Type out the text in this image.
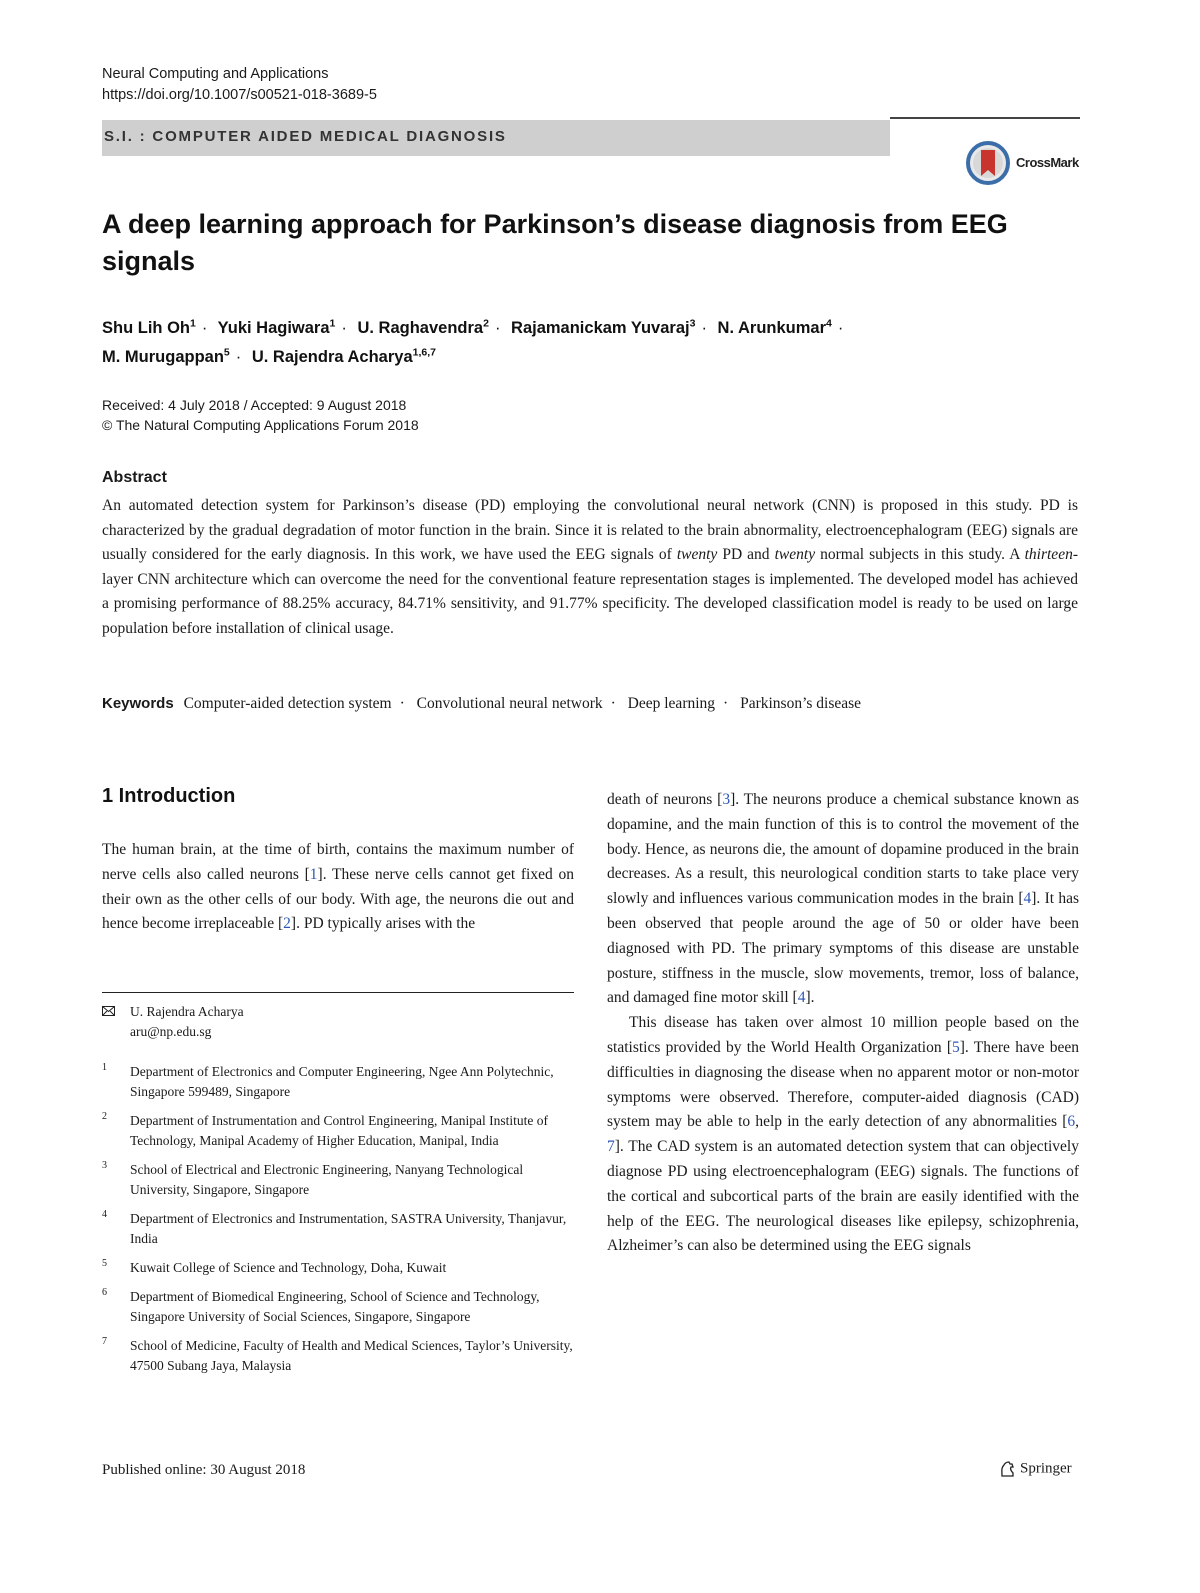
Neural Computing and Applications
https://doi.org/10.1007/s00521-018-3689-5
S.I. : COMPUTER AIDED MEDICAL DIAGNOSIS
CrossMark
A deep learning approach for Parkinson’s disease diagnosis from EEG signals
Shu Lih $Oh^1$ · Yuki Hagiwara$^1$ · U. Raghavendra$^2$ · Rajamanickam Yuvaraj$^3$ · N. Arunkumar$^4$ ·
M. Murugappan$^5$ · U. Rajendra Acharya$^{1,6,7}$
Received: 4 July 2018 / Accepted: 9 August 2018
© The Natural Computing Applications Forum 2018
Abstract
An automated detection system for Parkinson’s disease (PD) employing the convolutional neural network (CNN) is proposed in this study. PD is characterized by the gradual degradation of motor function in the brain. Since it is related to the brain abnormality, electroencephalogram (EEG) signals are usually considered for the early diagnosis. In this work, we have used the EEG signals of twenty PD and twenty normal subjects in this study. A thirteen-layer CNN architecture which can overcome the need for the conventional feature representation stages is implemented. The developed model has achieved a promising performance of 88.25% accuracy, 84.71% sensitivity, and 91.77% specificity. The developed classification model is ready to be used on large population before installation of clinical usage.
Keywords Computer-aided detection system · Convolutional neural network · Deep learning · Parkinson’s disease
1 Introduction

The human brain, at the time of birth, contains the maximum number of nerve cells also called neurons [1]. These nerve cells cannot get fixed on their own as the other cells of our body. With age, the neurons die out and hence become irreplaceable [2]. PD typically arises with the

death of neurons [3]. The neurons produce a chemical substance known as dopamine, and the main function of this is to control the movement of the body. Hence, as neurons die, the amount of dopamine produced in the brain decreases. As a result, this neurological condition starts to take place very slowly and influences various communication modes in the brain [4]. It has been observed that people around the age of 50 or older have been diagnosed with PD. The primary symptoms of this disease are unstable posture, stiffness in the muscle, slow movements, tremor, loss of balance, and damaged fine motor skill [4].

This disease has taken over almost 10 million people based on the statistics provided by the World Health Organization [5]. There have been difficulties in diagnosing the disease when no apparent motor or non-motor symptoms were observed. Therefore, computer-aided diagnosis (CAD) system may be able to help in the early detection of any abnormalities [6, 7]. The CAD system is an automated detection system that can objectively diagnose PD using electroencephalogram (EEG) signals. The functions of the cortical and subcortical parts of the brain are easily identified with the help of the EEG. The neurological diseases like epilepsy, schizophrenia, Alzheimer’s can also be determined using the EEG signals

U. Rajendra Acharya
aru@np.edu.sg
1 Department of Electronics and Computer Engineering, Ngee Ann Polytechnic, Singapore 599489, Singapore
2 Department of Instrumentation and Control Engineering, Manipal Institute of Technology, Manipal Academy of Higher Education, Manipal, India
3 School of Electrical and Electronic Engineering, Nanyang Technological University, Singapore, Singapore
4 Department of Electronics and Instrumentation, SASTRA University, Thanjavur, India
5 Kuwait College of Science and Technology, Doha, Kuwait
6 Department of Biomedical Engineering, School of Science and Technology, Singapore University of Social Sciences, Singapore, Singapore
7 School of Medicine, Faculty of Health and Medical Sciences, Taylor’s University, 47500 Subang Jaya, Malaysia
Published online: 30 August 2018	Springer
